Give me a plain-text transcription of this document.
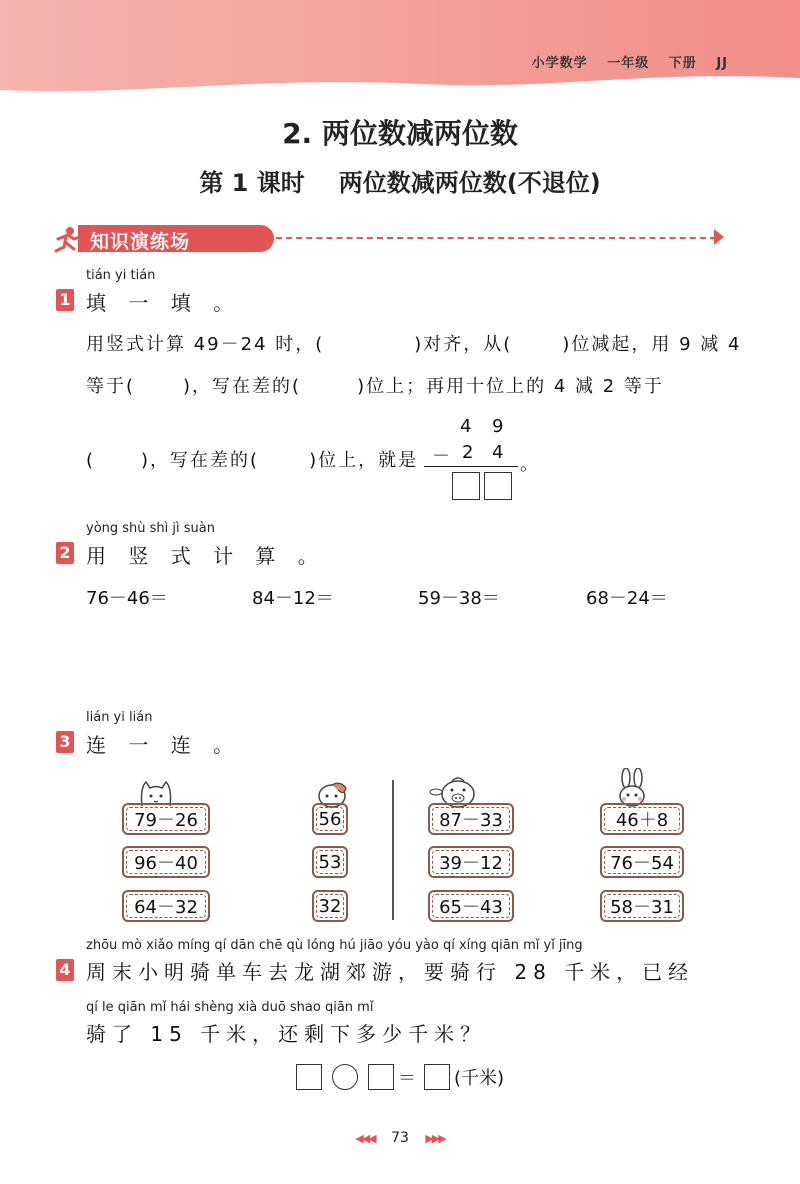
小学数学 一年级 下册 JJ
2. 两位数减两位数
第 1 课时 两位数减两位数(不退位)
知识演练场
tián yi tián
1 填 一 填 。
用竖式计算 49－24 时，(	)对齐，从(	)位减起，用 9 减 4
等于(	)，写在差的(	)位上；再用十位上的 4 减 2 等于
(	)，写在差的(	)位上，就是
4 9
－ 2 4
。
yòng shù shì jì suàn
2 用 竖 式 计 算 。
76－46＝	84－12＝	59－38＝	68－24＝
lián yi lián
3 连 一 连 。
79－26
96－40
64－32
56
53
32
87－33
39－12
65－43
46＋8
76－54
58－31
zhōu mò xiǎo míng qí dān chē qù lóng hú jiāo yóu yào qí xíng qiān mǐ yǐ jīng
4 周末小明骑单车去龙湖郊游，要骑行 28 千米，已经
qí le qiān mǐ hái shèng xià duō shao qiān mǐ
骑了 15 千米，还剩下多少千米？
＝ (千米)
◀◀◀ 73 ▶▶▶
